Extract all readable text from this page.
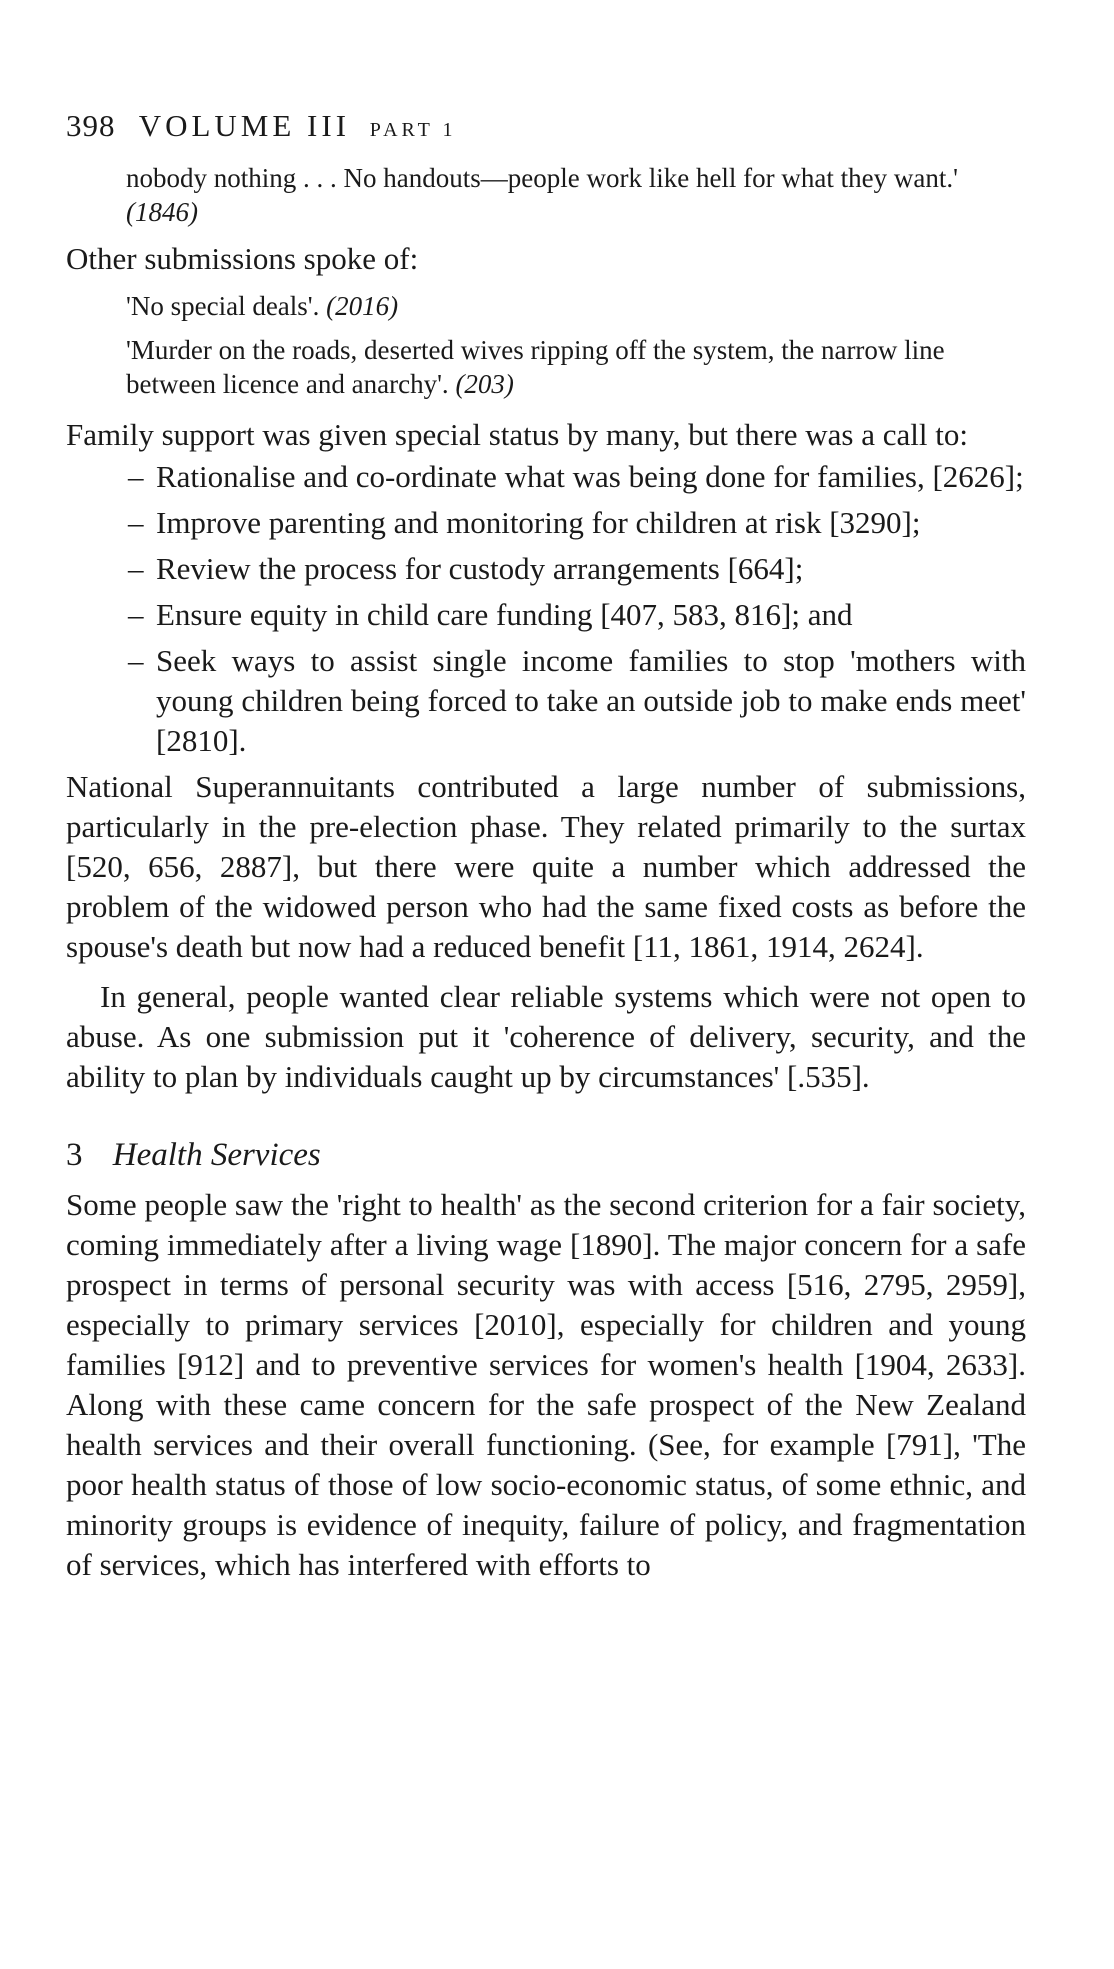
398 VOLUME III PART 1
nobody nothing . . . No handouts—people work like hell for what they want.' (1846)

Other submissions spoke of:

'No special deals'. (2016)
'Murder on the roads, deserted wives ripping off the system, the narrow line between licence and anarchy'. (203)

Family support was given special status by many, but there was a call to:

– Rationalise and co-ordinate what was being done for families, [2626];
– Improve parenting and monitoring for children at risk [3290];
– Review the process for custody arrangements [664];
– Ensure equity in child care funding [407, 583, 816]; and
– Seek ways to assist single income families to stop 'mothers with young children being forced to take an outside job to make ends meet' [2810].

National Superannuitants contributed a large number of submissions, particularly in the pre-election phase. They related primarily to the surtax [520, 656, 2887], but there were quite a number which addressed the problem of the widowed person who had the same fixed costs as before the spouse's death but now had a reduced benefit [11, 1861, 1914, 2624].

In general, people wanted clear reliable systems which were not open to abuse. As one submission put it 'coherence of delivery, security, and the ability to plan by individuals caught up by circumstances' [.535].

3 Health Services

Some people saw the 'right to health' as the second criterion for a fair society, coming immediately after a living wage [1890]. The major concern for a safe prospect in terms of personal security was with access [516, 2795, 2959], especially to primary services [2010], especially for children and young families [912] and to preventive services for women's health [1904, 2633]. Along with these came concern for the safe prospect of the New Zealand health services and their overall functioning. (See, for example [791], 'The poor health status of those of low socio-economic status, of some ethnic, and minority groups is evidence of inequity, failure of policy, and fragmentation of services, which has interfered with efforts to
